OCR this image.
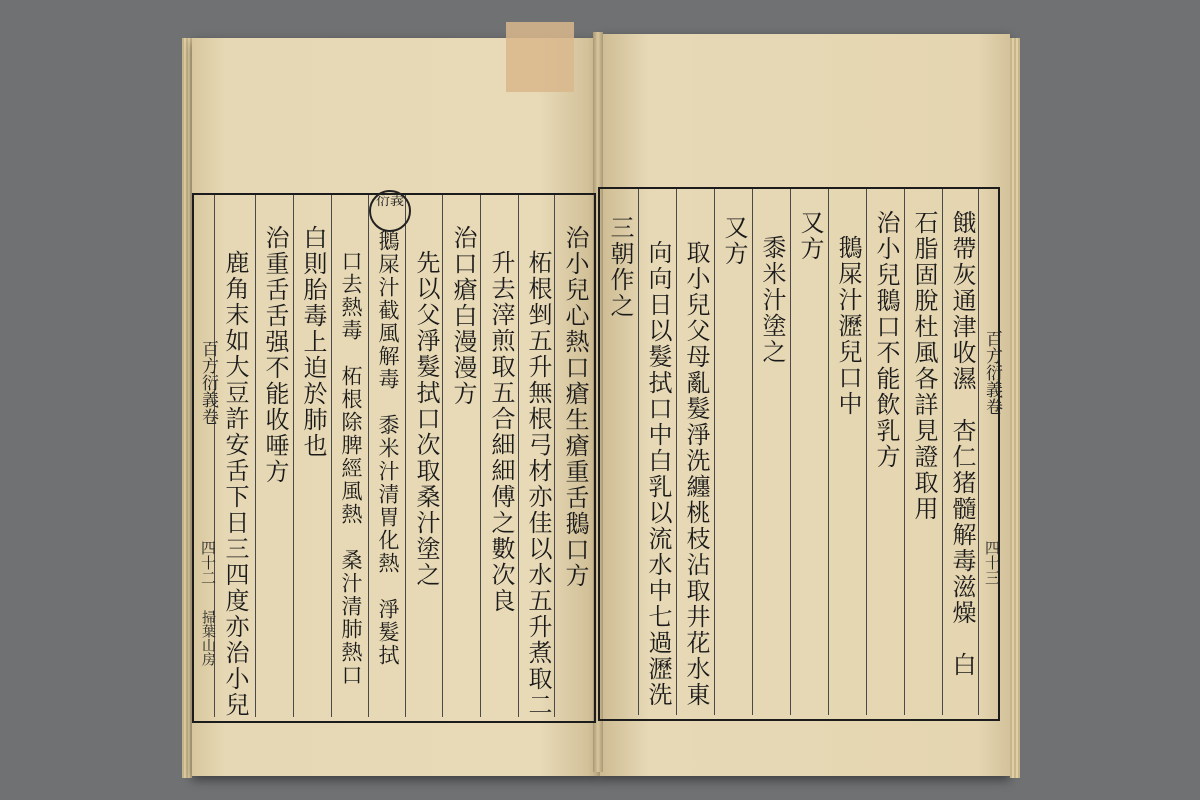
治小兒心熱口瘡生瘡重舌鵝口方
柘根剉五升無根弓材亦佳以水五升煮取二
升去滓煎取五合細細傅之數次良
治口瘡白漫漫方
先以父淨髮拭口次取桑汁塗之
鵝屎汁截風解毒　黍米汁清胃化熱　淨髮拭
口去熱毒　柘根除脾經風熱　桑汁清肺熱口
白則胎毒上迫於肺也
治重舌舌强不能收唾方
鹿角末如大豆許安舌下日三四度亦治小兒
衍義
百方衍義卷
四十二
掃葉山房	餓帶灰通津收濕　杏仁猪髓解毒滋燥　白
石脂固脫杜風各詳見證取用
治小兒鵝口不能飲乳方
鵝屎汁瀝兒口中
又方
黍米汁塗之
又方
取小兒父母亂髮淨洗纏桃枝沾取井花水東
向向日以髮拭口中白乳以流水中七過瀝洗
三朝作之
百方衍義卷
四十三
